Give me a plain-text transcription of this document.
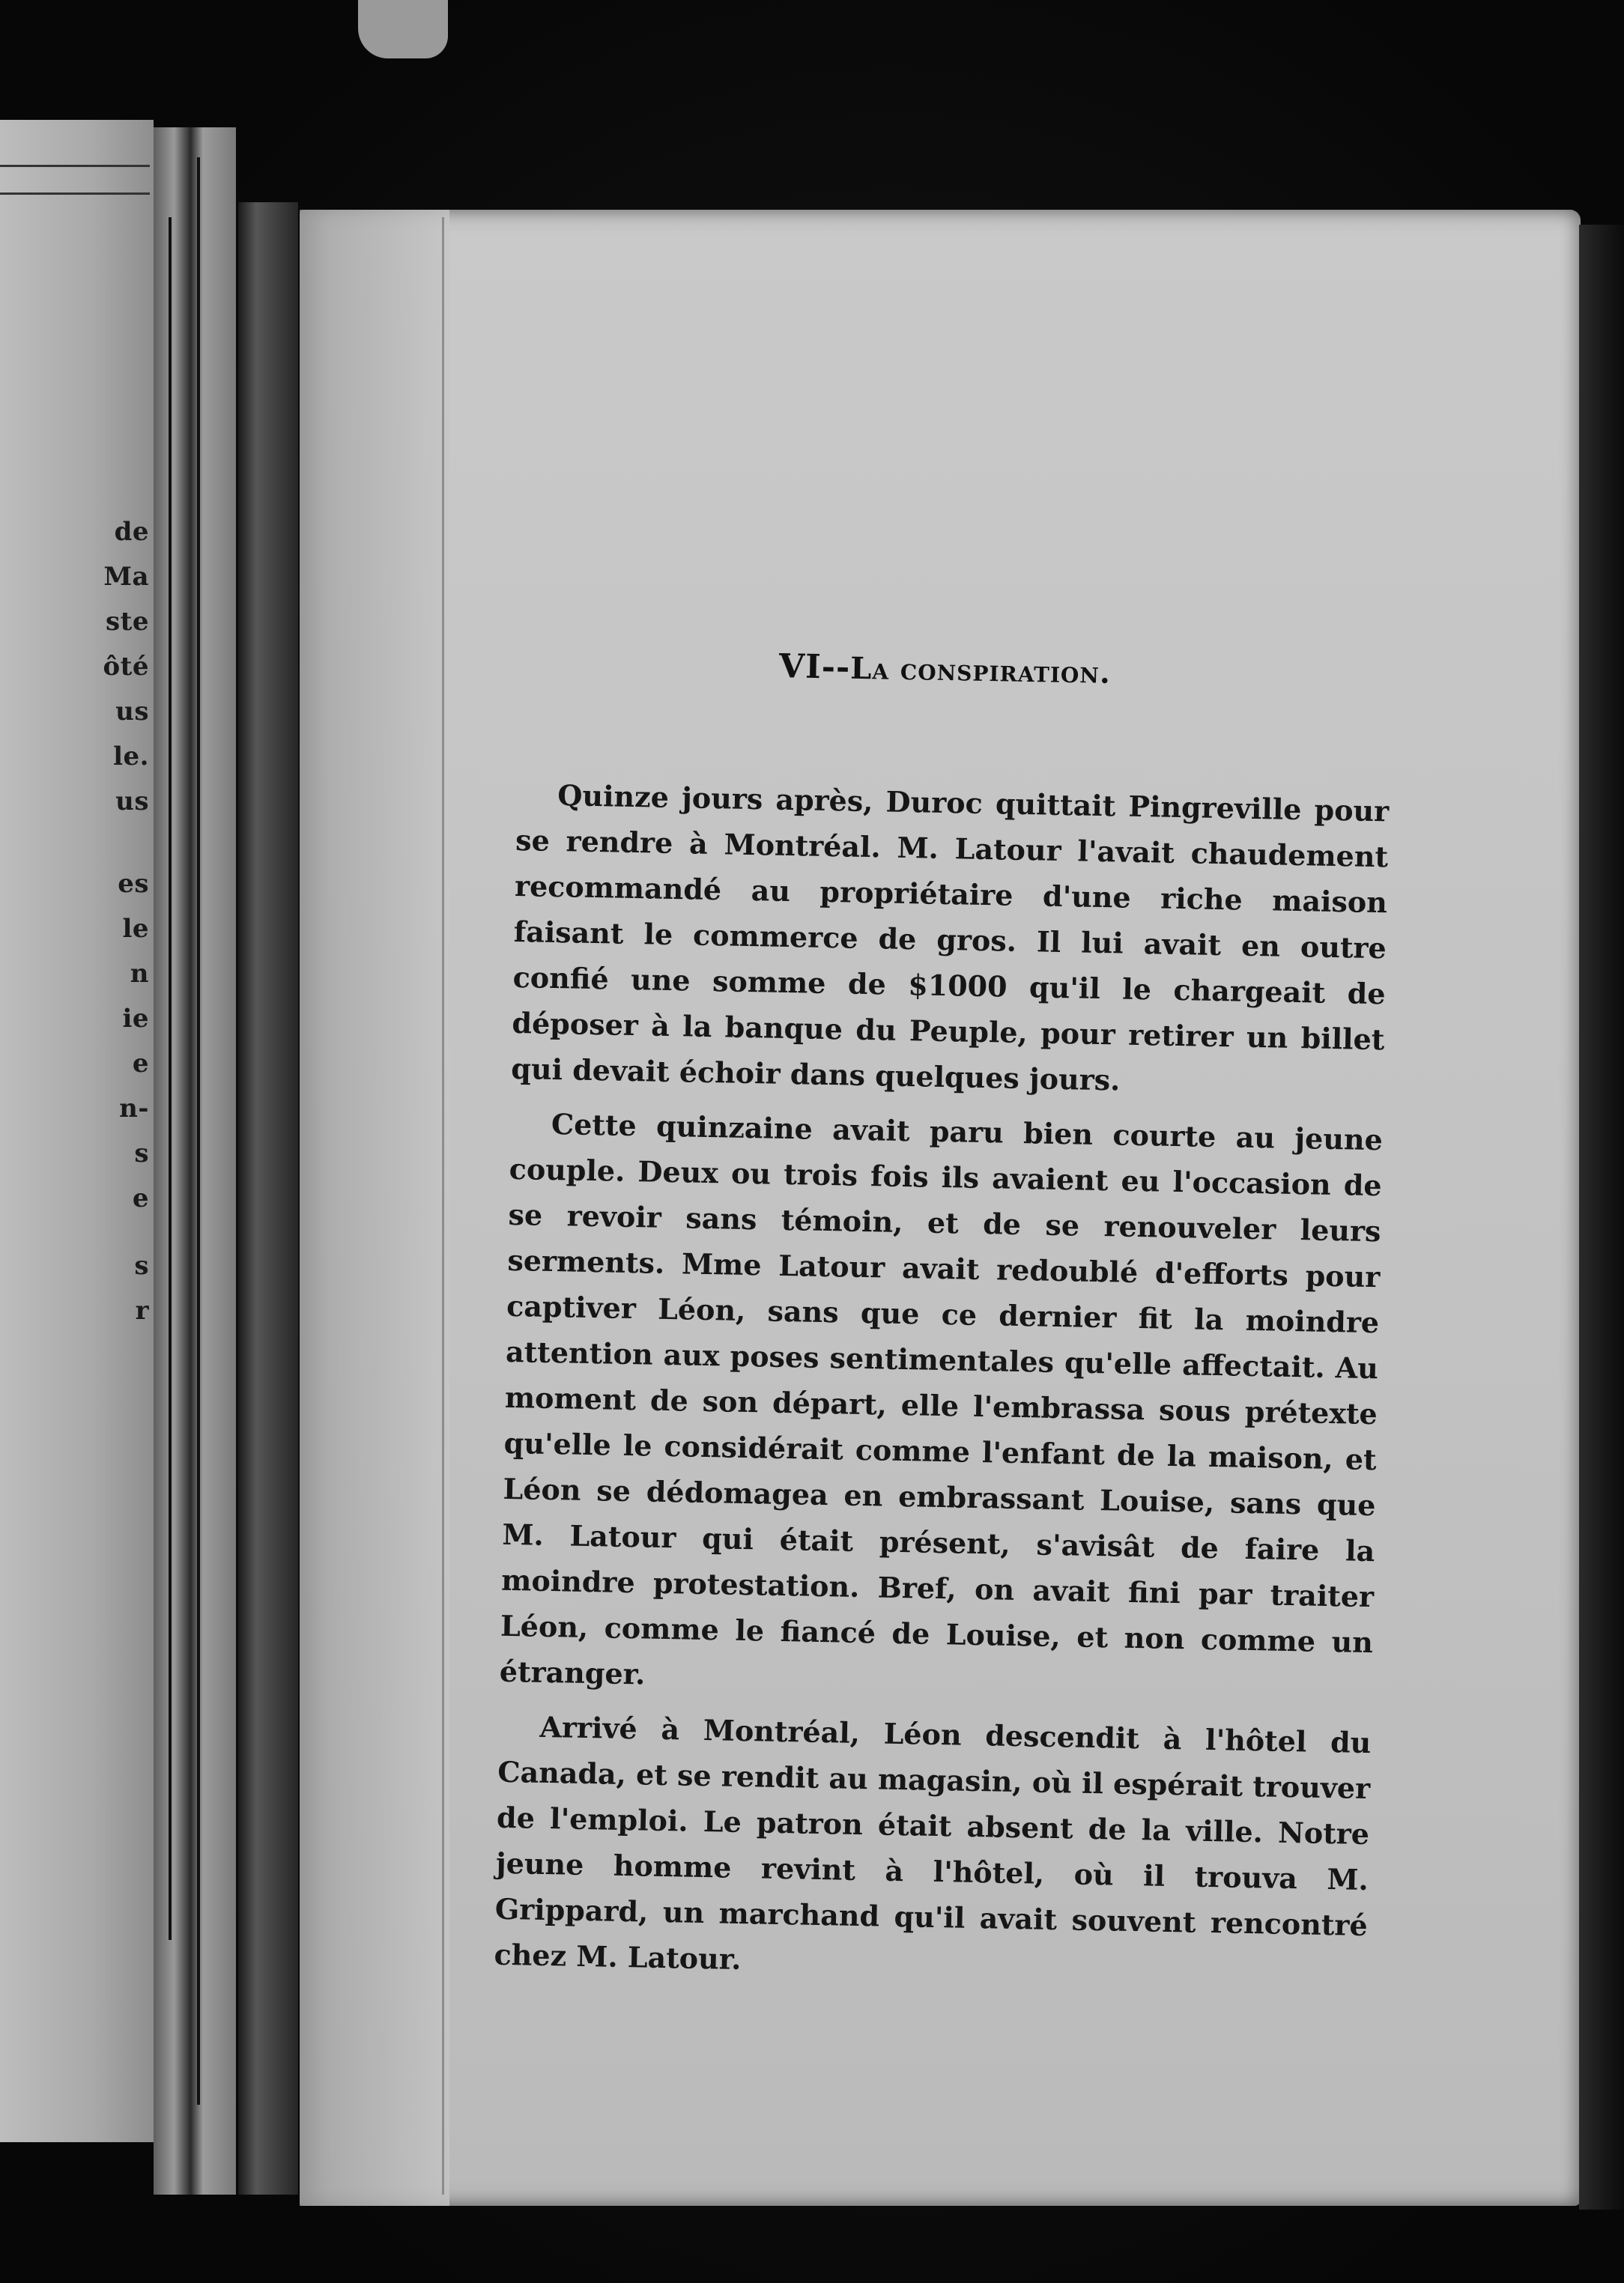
de
Ma
ste
ôté
us
le.
us
es
le
n
ie
e
n-
s
e
s
r
VI--La conspiration.

Quinze jours après, Duroc quittait Pingreville pour se rendre à Montréal. M. Latour l'avait chaudement recommandé au propriétaire d'une riche maison faisant le commerce de gros. Il lui avait en outre confié une somme de $1000 qu'il le chargeait de déposer à la banque du Peuple, pour retirer un billet qui devait échoir dans quelques jours.

Cette quinzaine avait paru bien courte au jeune couple. Deux ou trois fois ils avaient eu l'occasion de se revoir sans témoin, et de se renouveler leurs serments. Mme Latour avait redoublé d'efforts pour captiver Léon, sans que ce dernier fit la moindre attention aux poses sentimentales qu'elle affectait. Au moment de son départ, elle l'embrassa sous prétexte qu'elle le considérait comme l'enfant de la maison, et Léon se dédomagea en embrassant Louise, sans que M. Latour qui était présent, s'avisât de faire la moindre protestation. Bref, on avait fini par traiter Léon, comme le fiancé de Louise, et non comme un étranger.

Arrivé à Montréal, Léon descendit à l'hôtel du Canada, et se rendit au magasin, où il espérait trouver de l'emploi. Le patron était absent de la ville. Notre jeune homme revint à l'hôtel, où il trouva M. Grippard, un marchand qu'il avait souvent rencontré chez M. Latour.
